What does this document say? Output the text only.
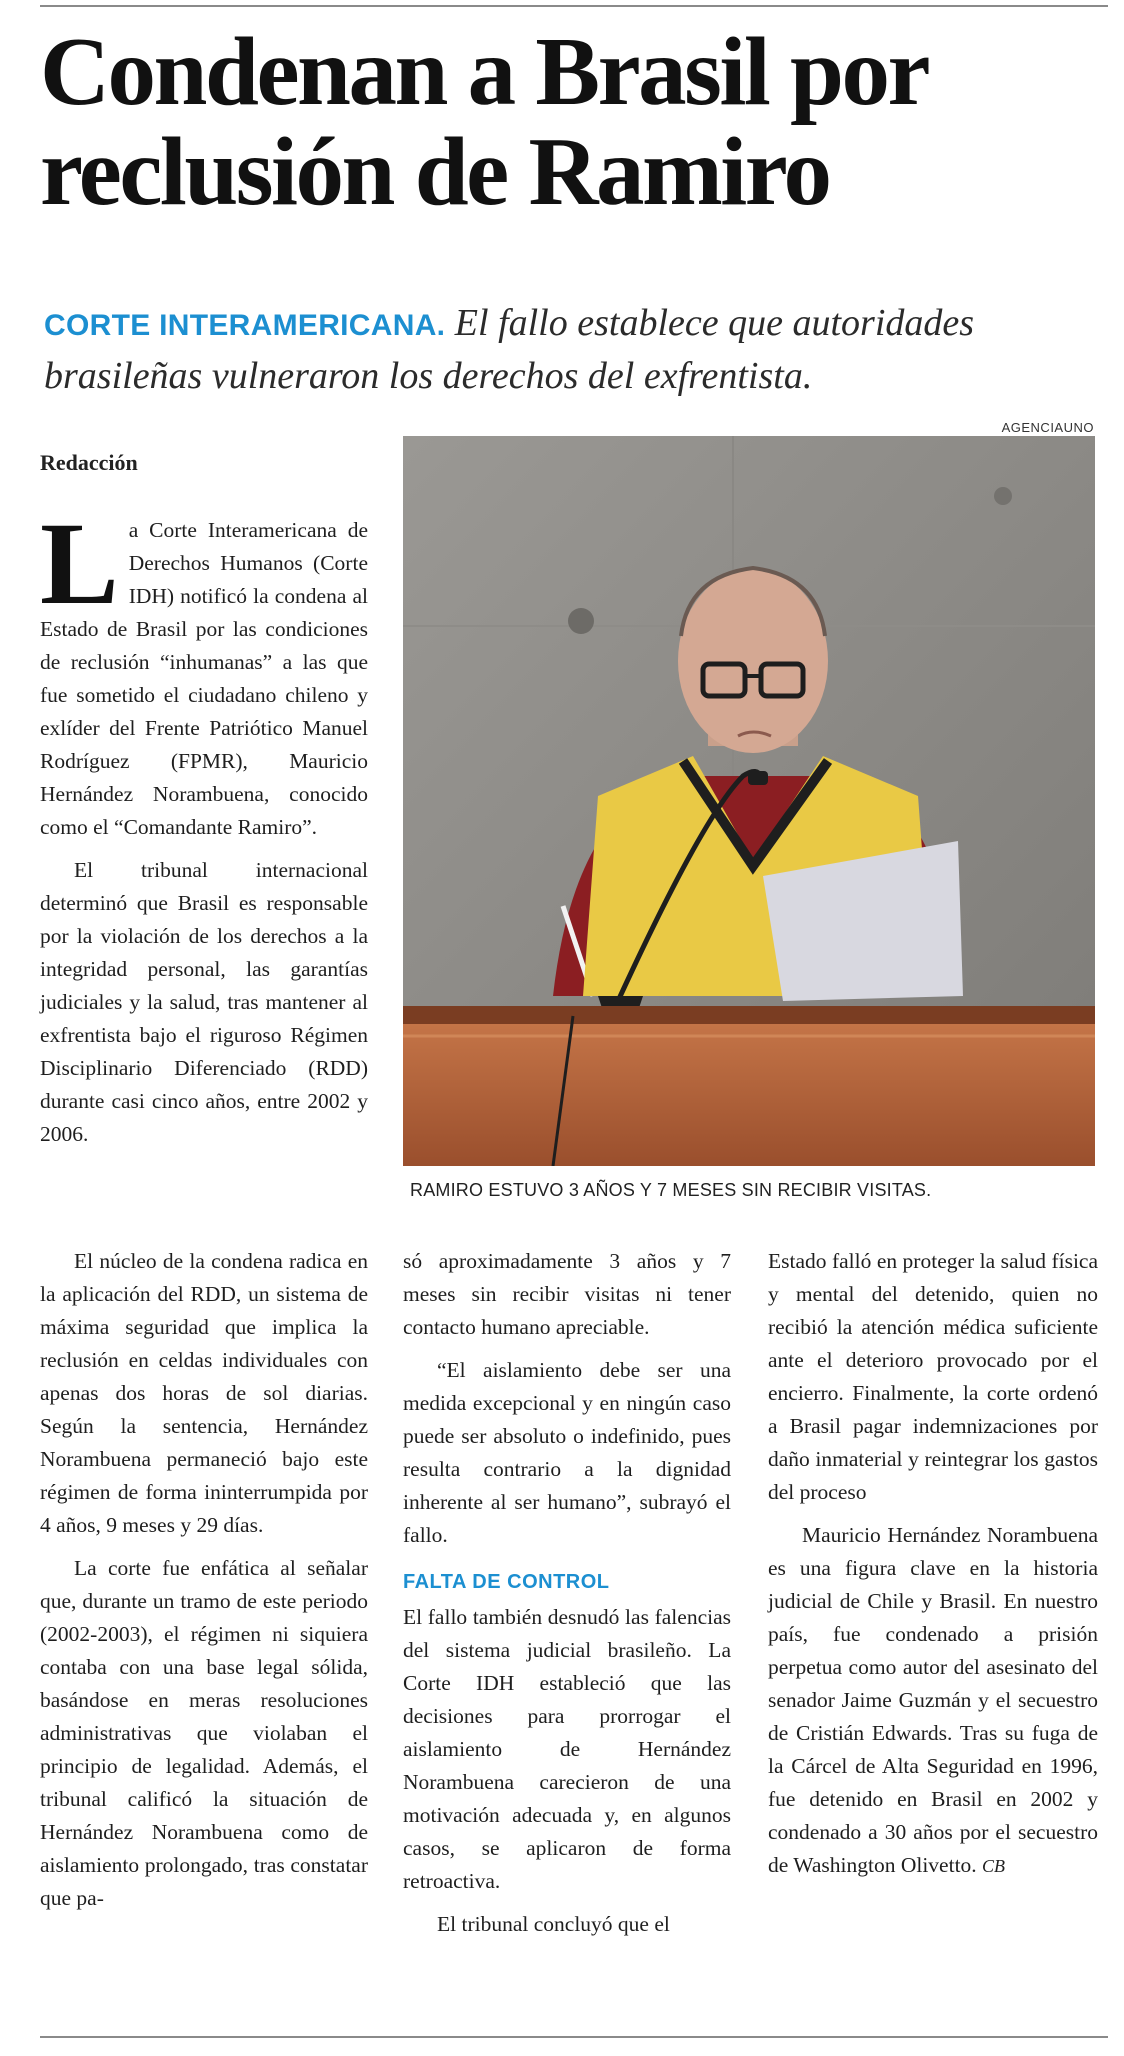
Condenan a Brasil por
reclusión de Ramiro

CORTE INTERAMERICANA. El fallo establece que autoridades brasileñas vulneraron los derechos del exfrentista.

AGENCIAUNO
RAMIRO ESTUVO 3 AÑOS Y 7 MESES SIN RECIBIR VISITAS.
Redacción

La Corte Interamericana de Derechos Humanos (Corte IDH) notificó la condena al Estado de Brasil por las condiciones de reclusión “inhumanas” a las que fue sometido el ciudadano chileno y exlíder del Frente Patriótico Manuel Rodríguez (FPMR), Mauricio Hernández Norambuena, conocido como el “Comandante Ramiro”.

El tribunal internacional determinó que Brasil es responsable por la violación de los derechos a la integridad personal, las garantías judiciales y la salud, tras mantener al exfrentista bajo el riguroso Régimen Disciplinario Diferenciado (RDD) durante casi cinco años, entre 2002 y 2006.

El núcleo de la condena radica en la aplicación del RDD, un sistema de máxima seguridad que implica la reclusión en celdas individuales con apenas dos horas de sol diarias. Según la sentencia, Hernández Norambuena permaneció bajo este régimen de forma ininterrumpida por 4 años, 9 meses y 29 días.

La corte fue enfática al señalar que, durante un tramo de este periodo (2002-2003), el régimen ni siquiera contaba con una base legal sólida, basándose en meras resoluciones administrativas que violaban el principio de legalidad. Además, el tribunal calificó la situación de Hernández Norambuena como de aislamiento prolongado, tras constatar que pa-

só aproximadamente 3 años y 7 meses sin recibir visitas ni tener contacto humano apreciable.

“El aislamiento debe ser una medida excepcional y en ningún caso puede ser absoluto o indefinido, pues resulta contrario a la dignidad inherente al ser humano”, subrayó el fallo.

FALTA DE CONTROL

El fallo también desnudó las falencias del sistema judicial brasileño. La Corte IDH estableció que las decisiones para prorrogar el aislamiento de Hernández Norambuena carecieron de una motivación adecuada y, en algunos casos, se aplicaron de forma retroactiva.

El tribunal concluyó que el

Estado falló en proteger la salud física y mental del detenido, quien no recibió la atención médica suficiente ante el deterioro provocado por el encierro. Finalmente, la corte ordenó a Brasil pagar indemnizaciones por daño inmaterial y reintegrar los gastos del proceso

Mauricio Hernández Norambuena es una figura clave en la historia judicial de Chile y Brasil. En nuestro país, fue condenado a prisión perpetua como autor del asesinato del senador Jaime Guzmán y el secuestro de Cristián Edwards. Tras su fuga de la Cárcel de Alta Seguridad en 1996, fue detenido en Brasil en 2002 y condenado a 30 años por el secuestro de Washington Olivetto. CB
